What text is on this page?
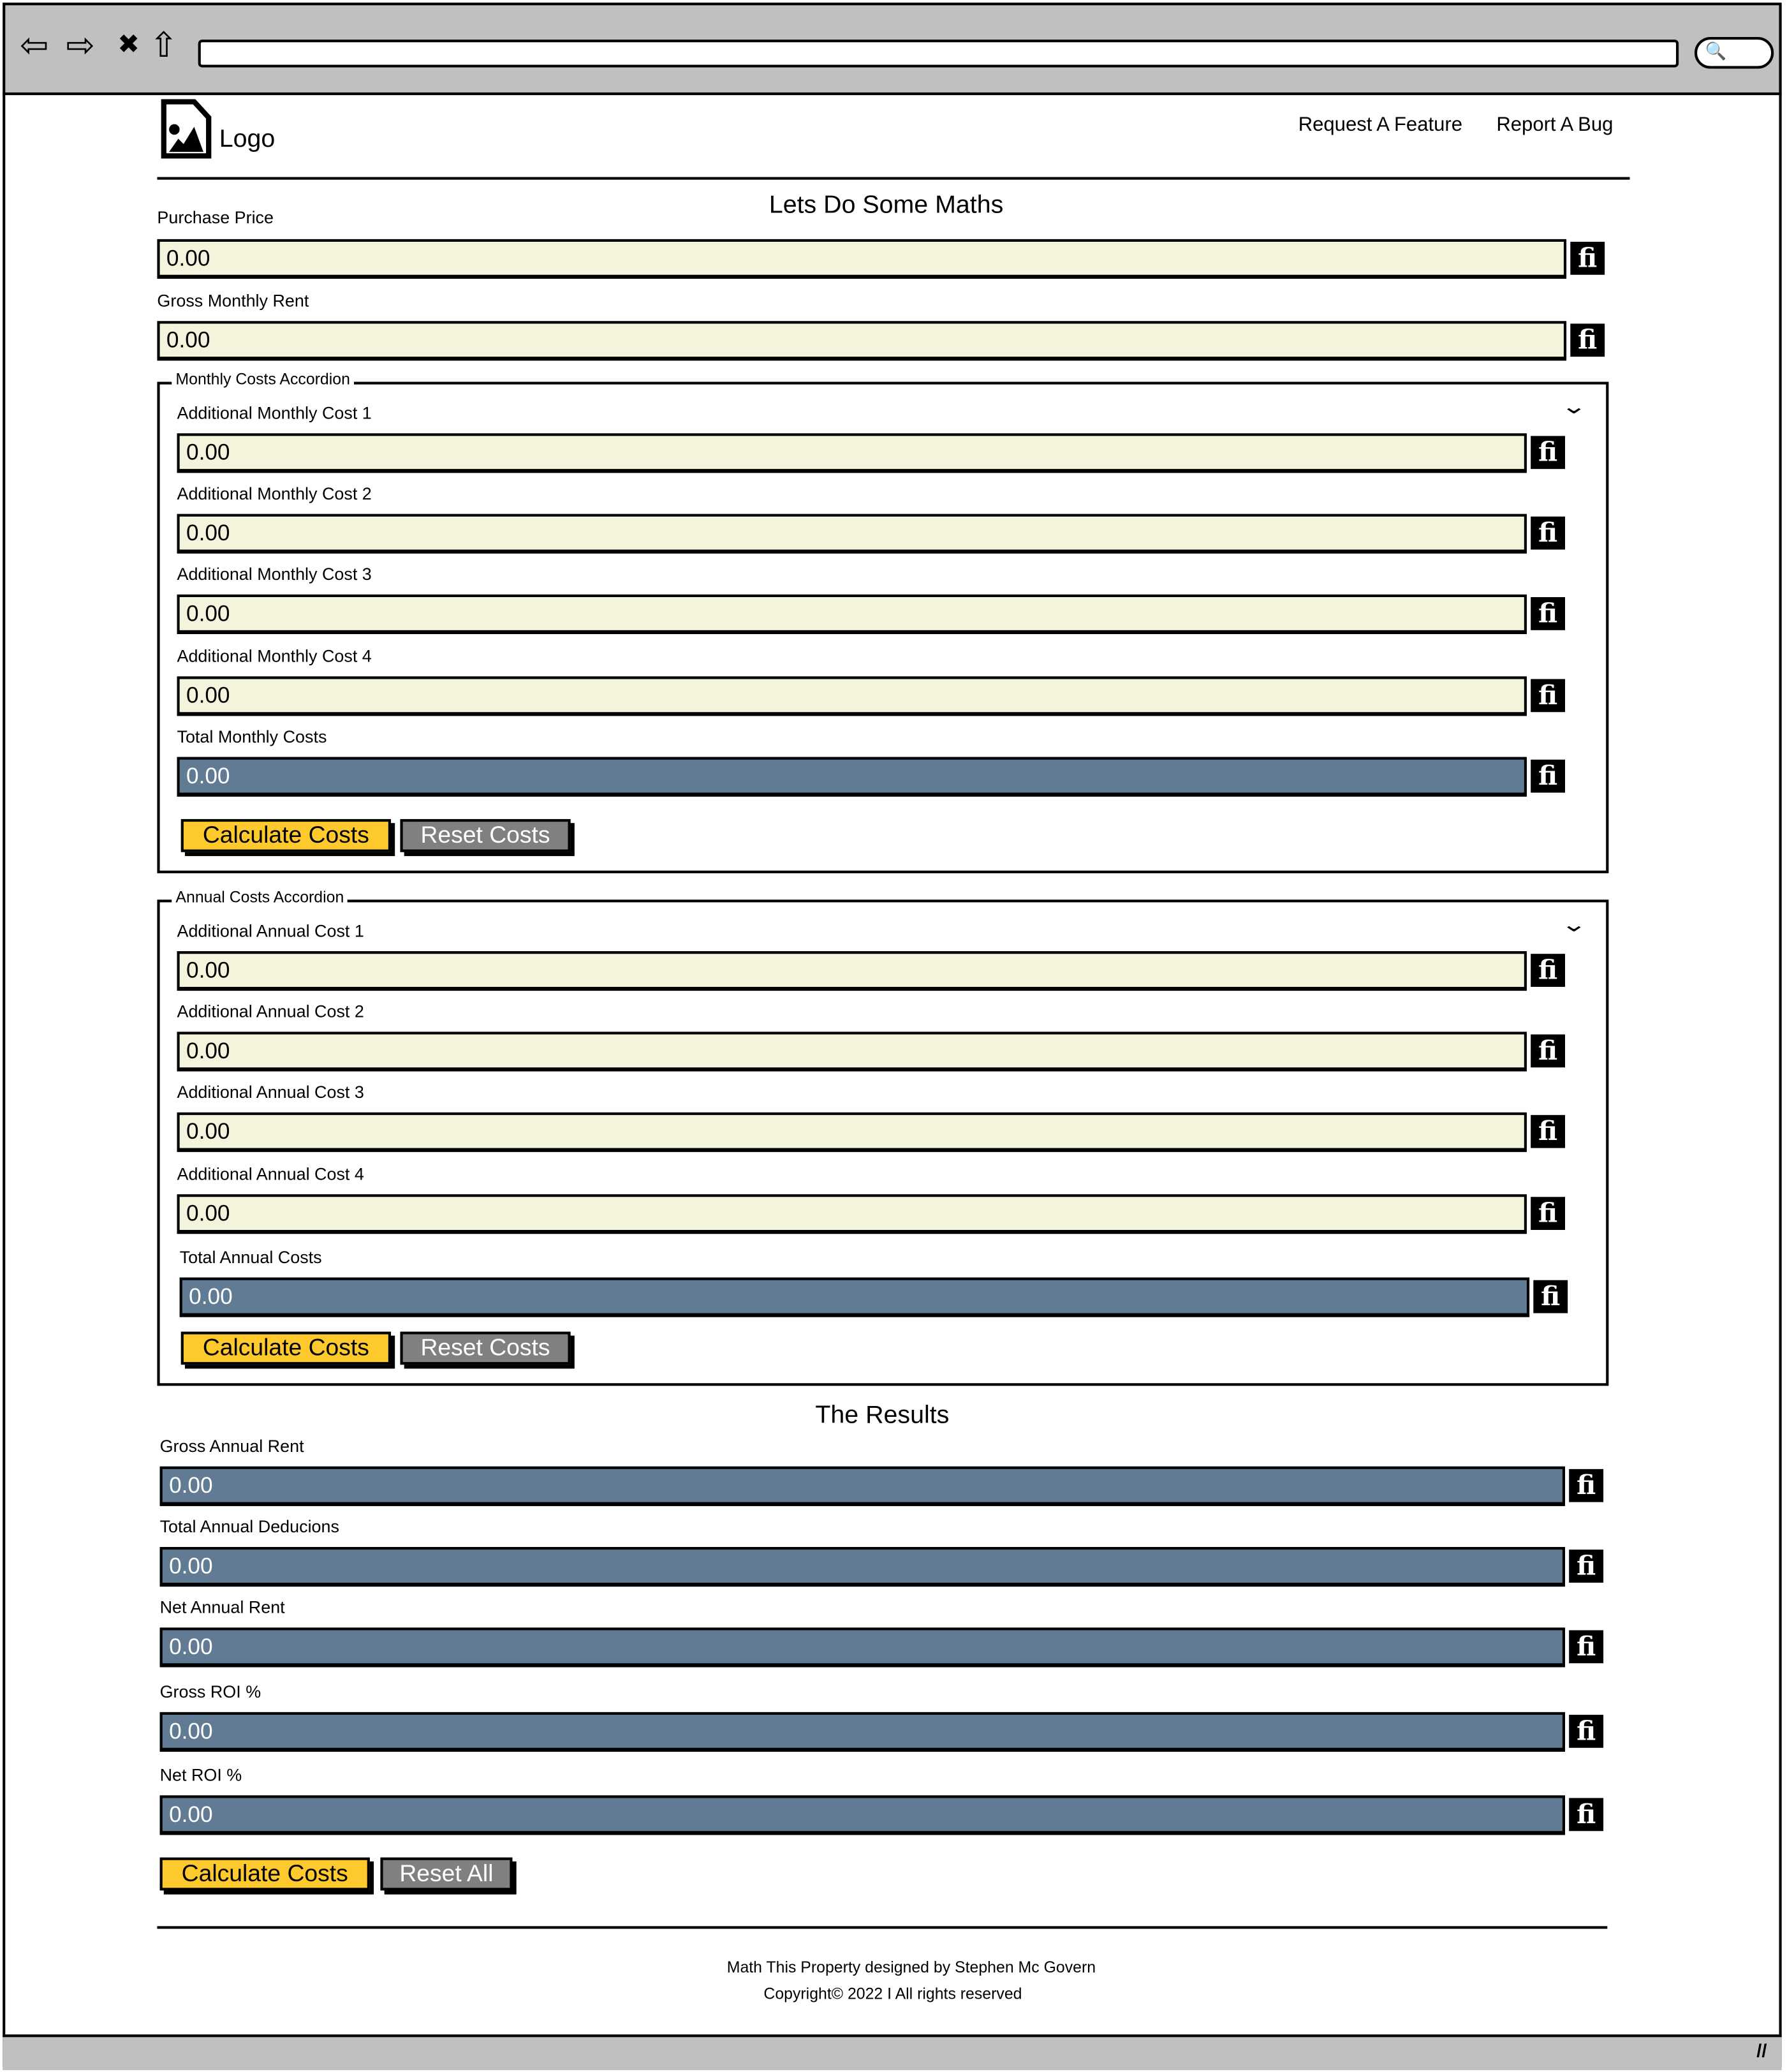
⇦ ⇨ ✖ ⇧	🔍
Logo
Request A Feature	Report A Bug
Lets Do Some Maths
Purchase Price
0.00	fi
Gross Monthly Rent
0.00	fi
Monthly Costs Accordion
⌄
Additional Monthly Cost 1
0.00	fi
Additional Monthly Cost 2
0.00	fi
Additional Monthly Cost 3
0.00	fi
Additional Monthly Cost 4
0.00	fi
Total Monthly Costs
0.00	fi
Calculate Costs	Reset Costs
Annual Costs Accordion
⌄
Additional Annual Cost 1
0.00	fi
Additional Annual Cost 2
0.00	fi
Additional Annual Cost 3
0.00	fi
Additional Annual Cost 4
0.00	fi
Total Annual Costs
0.00	fi
Calculate Costs	Reset Costs
The Results
Gross Annual Rent
0.00	fi
Total Annual Deducions
0.00	fi
Net Annual Rent
0.00	fi
Gross ROI %
0.00	fi
Net ROI %
0.00	fi
Calculate Costs	Reset All
Math This Property designed by Stephen Mc Govern
Copyright© 2022 I All rights reserved
//
